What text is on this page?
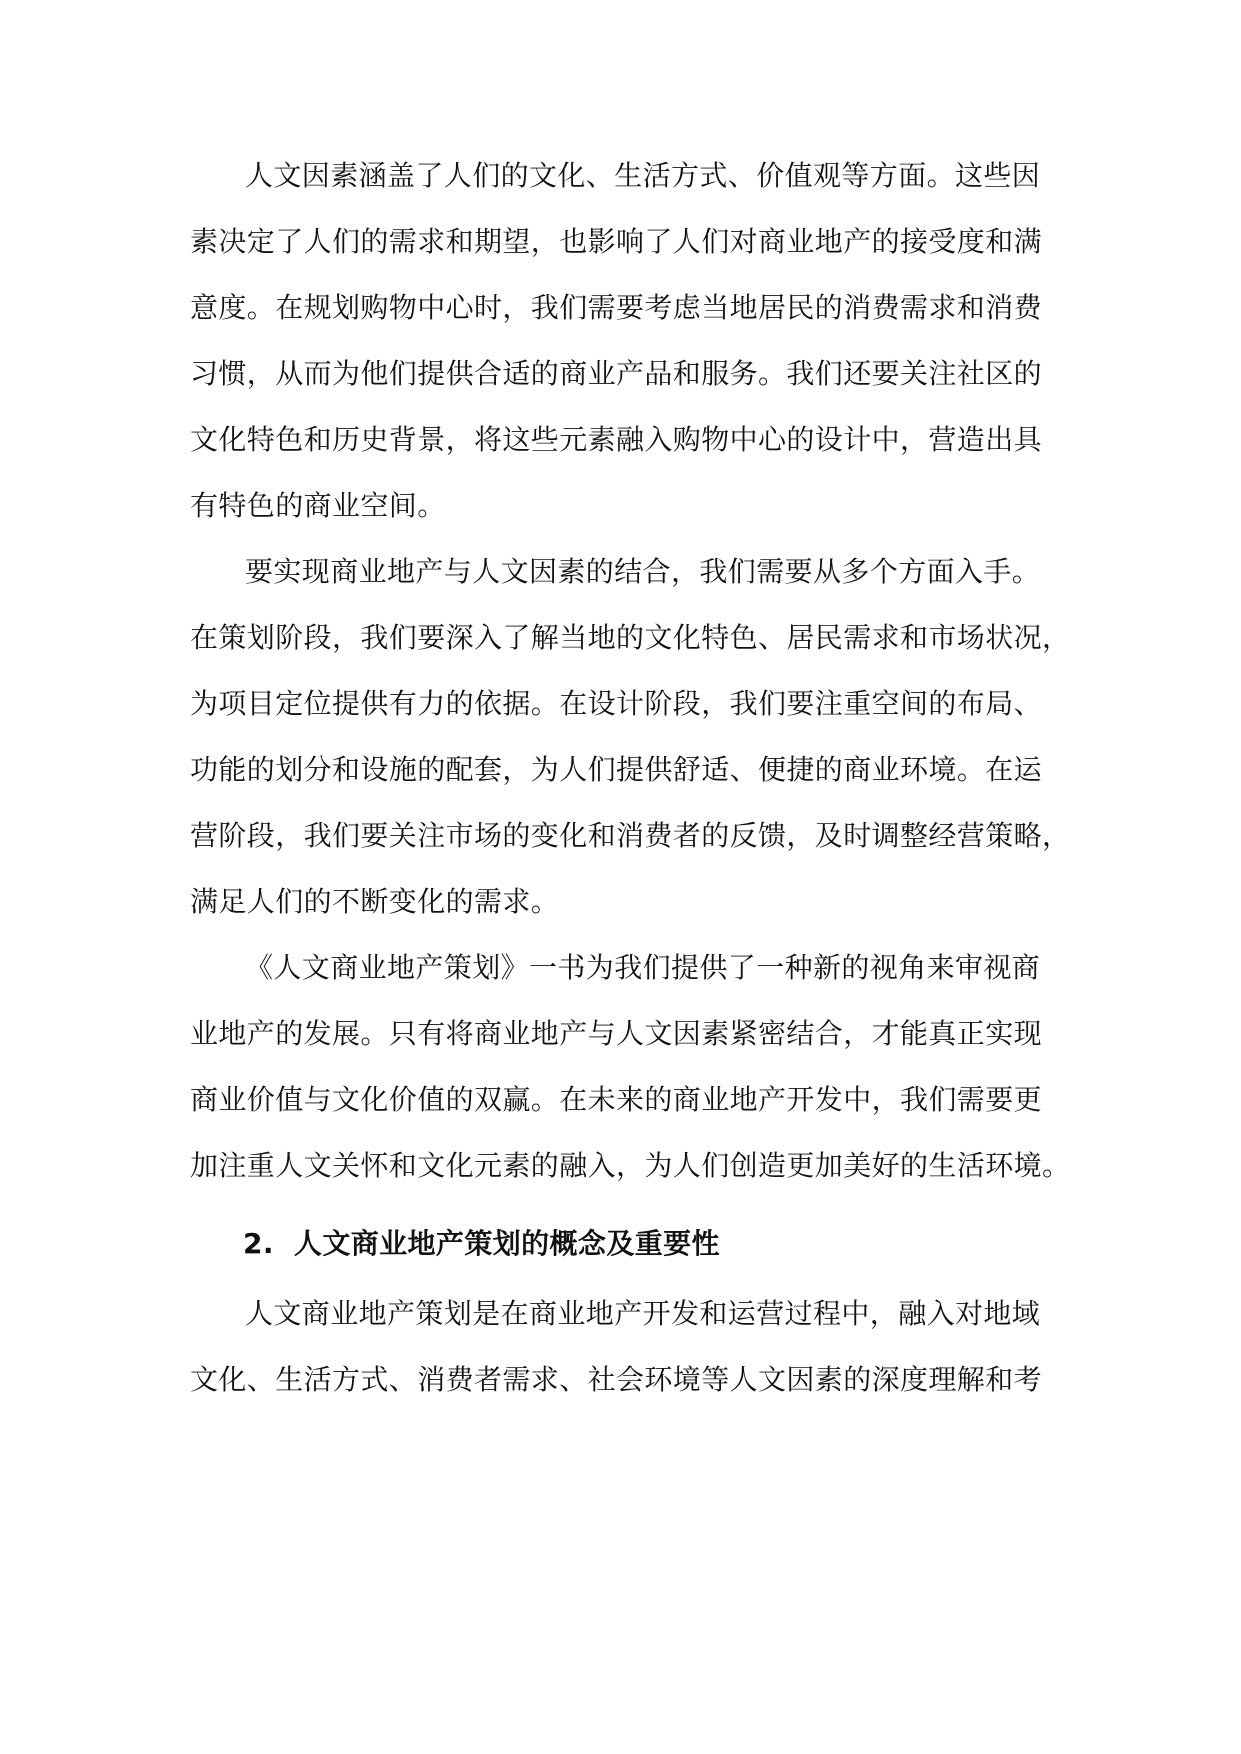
人文因素涵盖了人们的文化、生活方式、价值观等方面。这些因
素决定了人们的需求和期望，也影响了人们对商业地产的接受度和满
意度。在规划购物中心时，我们需要考虑当地居民的消费需求和消费
习惯，从而为他们提供合适的商业产品和服务。我们还要关注社区的
文化特色和历史背景，将这些元素融入购物中心的设计中，营造出具
有特色的商业空间。
要实现商业地产与人文因素的结合，我们需要从多个方面入手。
在策划阶段，我们要深入了解当地的文化特色、居民需求和市场状况，
为项目定位提供有力的依据。在设计阶段，我们要注重空间的布局、
功能的划分和设施的配套，为人们提供舒适、便捷的商业环境。在运
营阶段，我们要关注市场的变化和消费者的反馈，及时调整经营策略，
满足人们的不断变化的需求。
《人文商业地产策划》一书为我们提供了一种新的视角来审视商
业地产的发展。只有将商业地产与人文因素紧密结合，才能真正实现
商业价值与文化价值的双赢。在未来的商业地产开发中，我们需要更
加注重人文关怀和文化元素的融入，为人们创造更加美好的生活环境。
2. 人文商业地产策划的概念及重要性
人文商业地产策划是在商业地产开发和运营过程中，融入对地域
文化、生活方式、消费者需求、社会环境等人文因素的深度理解和考
